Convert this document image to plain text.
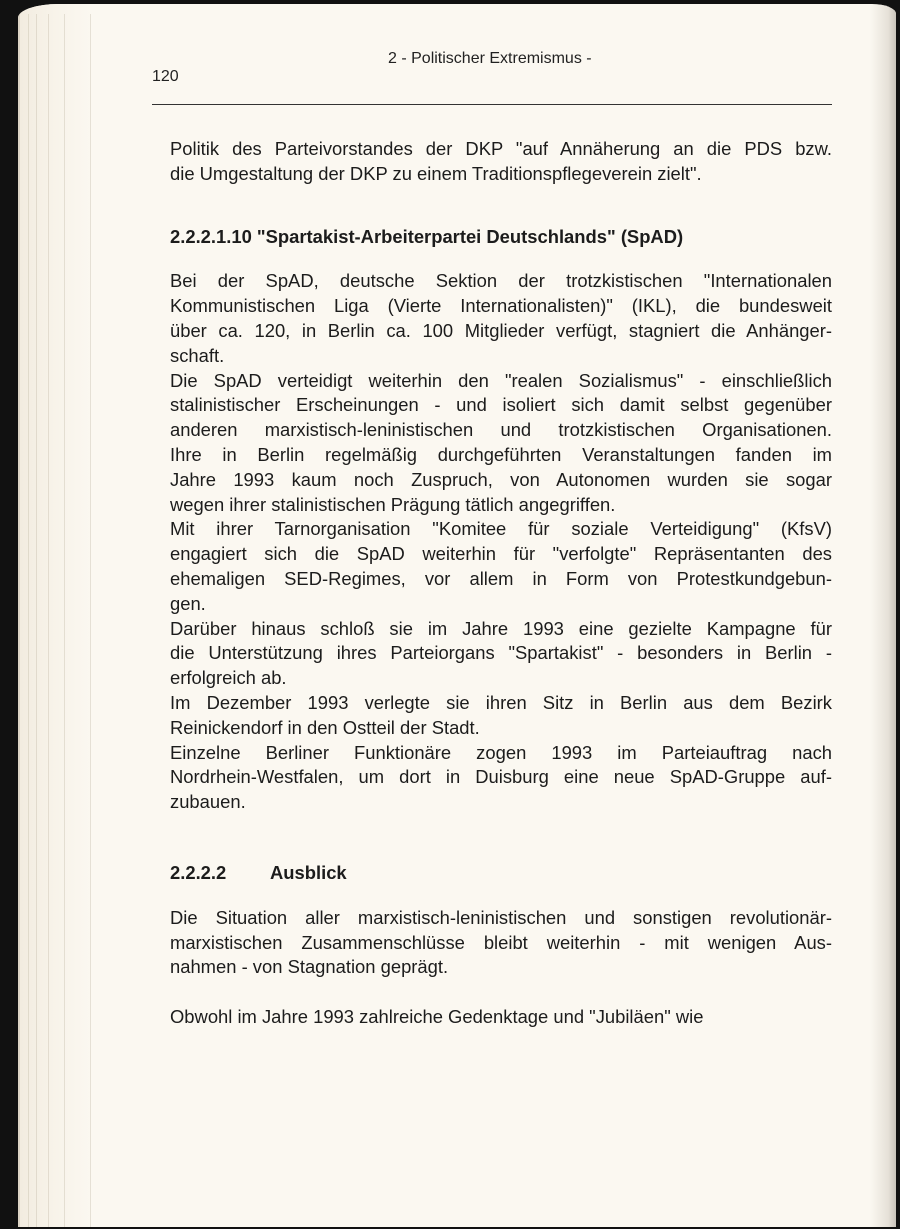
2 - Politischer Extremismus -
120

Politik des Parteivorstandes der DKP "auf Annäherung an die PDS bzw.
die Umgestaltung der DKP zu einem Traditionspflegeverein zielt".

2.2.2.1.10 "Spartakist-Arbeiterpartei Deutschlands" (SpAD)

Bei der SpAD, deutsche Sektion der trotzkistischen "Internationalen
Kommunistischen Liga (Vierte Internationalisten)" (IKL), die bundesweit
über ca. 120, in Berlin ca. 100 Mitglieder verfügt, stagniert die Anhänger-
schaft.

Die SpAD verteidigt weiterhin den "realen Sozialismus" - einschließlich
stalinistischer Erscheinungen - und isoliert sich damit selbst gegenüber
anderen marxistisch-leninistischen und trotzkistischen Organisationen.
Ihre in Berlin regelmäßig durchgeführten Veranstaltungen fanden im
Jahre 1993 kaum noch Zuspruch, von Autonomen wurden sie sogar
wegen ihrer stalinistischen Prägung tätlich angegriffen.

Mit ihrer Tarnorganisation "Komitee für soziale Verteidigung" (KfsV)
engagiert sich die SpAD weiterhin für "verfolgte" Repräsentanten des
ehemaligen SED-Regimes, vor allem in Form von Protestkundgebun-
gen.

Darüber hinaus schloß sie im Jahre 1993 eine gezielte Kampagne für
die Unterstützung ihres Parteiorgans "Spartakist" - besonders in Berlin -
erfolgreich ab.

Im Dezember 1993 verlegte sie ihren Sitz in Berlin aus dem Bezirk
Reinickendorf in den Ostteil der Stadt.

Einzelne Berliner Funktionäre zogen 1993 im Parteiauftrag nach
Nordrhein-Westfalen, um dort in Duisburg eine neue SpAD-Gruppe auf-
zubauen.

2.2.2.2 Ausblick

Die Situation aller marxistisch-leninistischen und sonstigen revolutionär-
marxistischen Zusammenschlüsse bleibt weiterhin - mit wenigen Aus-
nahmen - von Stagnation geprägt.

Obwohl im Jahre 1993 zahlreiche Gedenktage und "Jubiläen" wie
